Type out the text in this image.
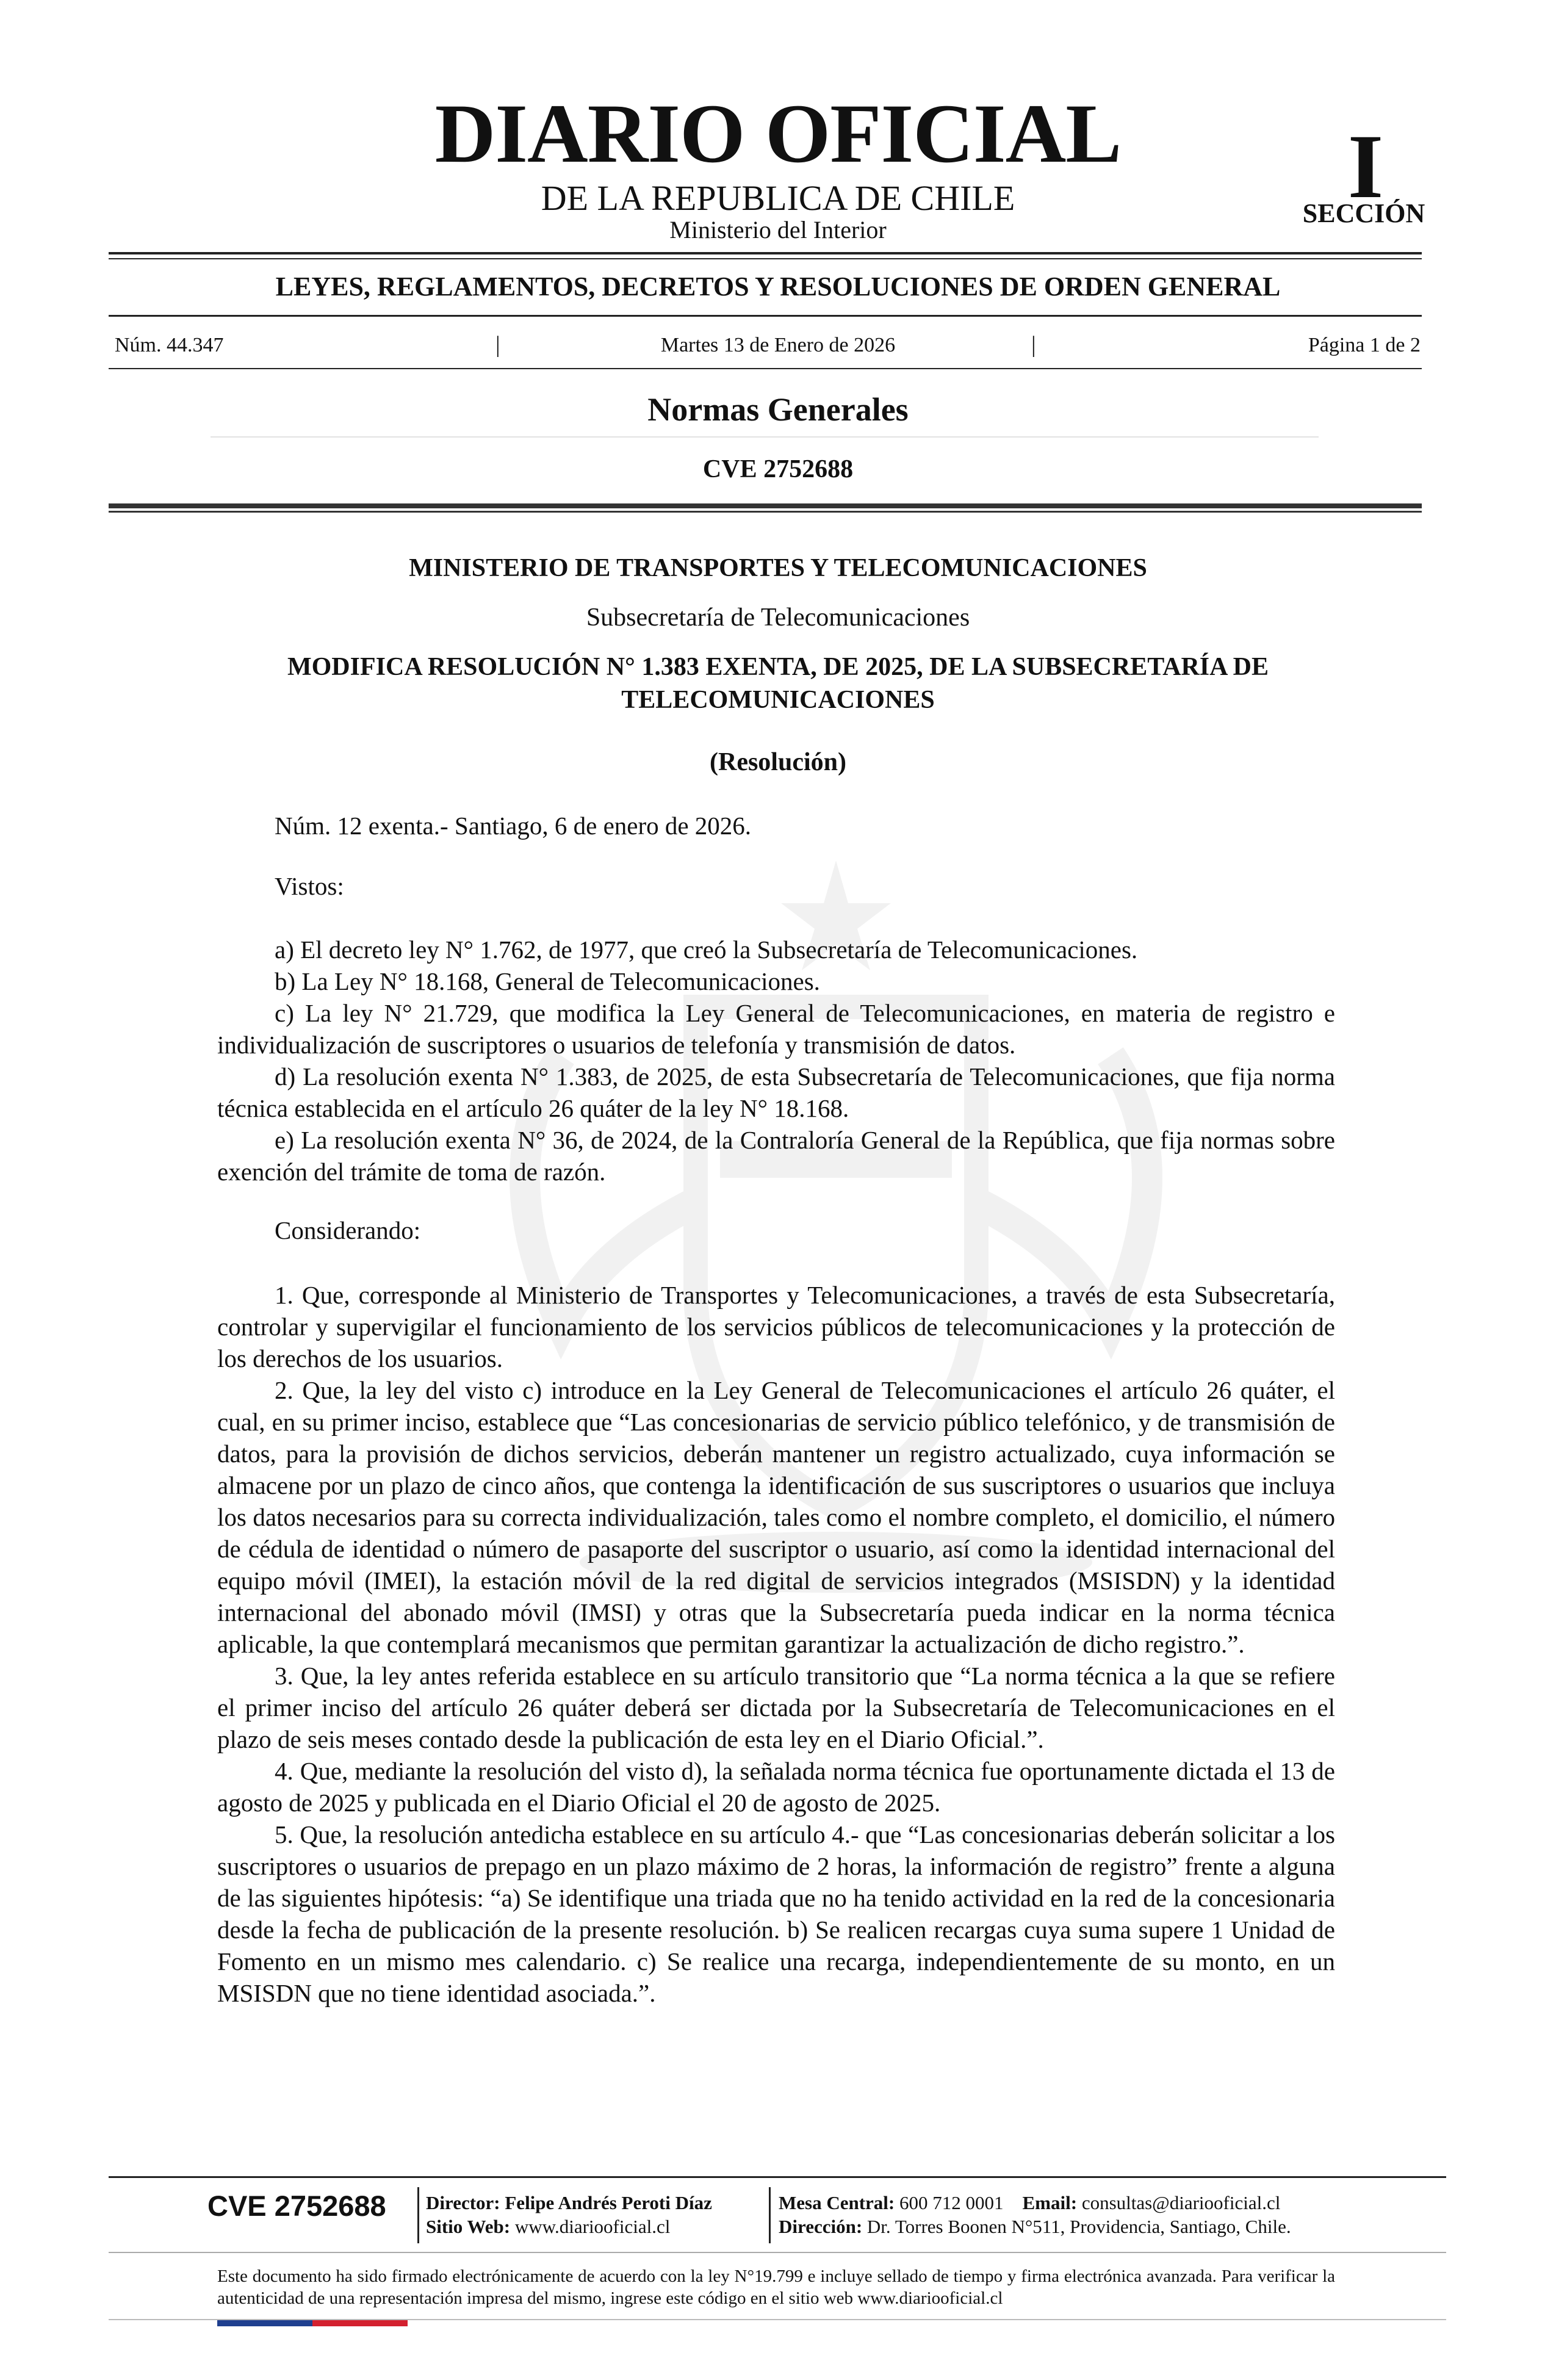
DIARIO OFICIAL
DE LA REPUBLICA DE CHILE
Ministerio del Interior
I
SECCIÓN
LEYES, REGLAMENTOS, DECRETOS Y RESOLUCIONES DE ORDEN GENERAL
Núm. 44.347	|	Martes 13 de Enero de 2026	|	Página 1 de 2
Normas Generales
CVE 2752688
MINISTERIO DE TRANSPORTES Y TELECOMUNICACIONES
Subsecretaría de Telecomunicaciones
MODIFICA RESOLUCIÓN N° 1.383 EXENTA, DE 2025, DE LA SUBSECRETARÍA DE
TELECOMUNICACIONES
(Resolución)
Núm. 12 exenta.- Santiago, 6 de enero de 2026.
Vistos:

a) El decreto ley N° 1.762, de 1977, que creó la Subsecretaría de Telecomunicaciones.

b) La Ley N° 18.168, General de Telecomunicaciones.

c) La ley N° 21.729, que modifica la Ley General de Telecomunicaciones, en materia de registro e individualización de suscriptores o usuarios de telefonía y transmisión de datos.

d) La resolución exenta N° 1.383, de 2025, de esta Subsecretaría de Telecomunicaciones, que fija norma técnica establecida en el artículo 26 quáter de la ley N° 18.168.

e) La resolución exenta N° 36, de 2024, de la Contraloría General de la República, que fija normas sobre exención del trámite de toma de razón.

Considerando:

1. Que, corresponde al Ministerio de Transportes y Telecomunicaciones, a través de esta Subsecretaría, controlar y supervigilar el funcionamiento de los servicios públicos de telecomunicaciones y la protección de los derechos de los usuarios.

2. Que, la ley del visto c) introduce en la Ley General de Telecomunicaciones el artículo 26 quáter, el cual, en su primer inciso, establece que “Las concesionarias de servicio público telefónico, y de transmisión de datos, para la provisión de dichos servicios, deberán mantener un registro actualizado, cuya información se almacene por un plazo de cinco años, que contenga la identificación de sus suscriptores o usuarios que incluya los datos necesarios para su correcta individualización, tales como el nombre completo, el domicilio, el número de cédula de identidad o número de pasaporte del suscriptor o usuario, así como la identidad internacional del equipo móvil (IMEI), la estación móvil de la red digital de servicios integrados (MSISDN) y la identidad internacional del abonado móvil (IMSI) y otras que la Subsecretaría pueda indicar en la norma técnica aplicable, la que contemplará mecanismos que permitan garantizar la actualización de dicho registro.”.

3. Que, la ley antes referida establece en su artículo transitorio que “La norma técnica a la que se refiere el primer inciso del artículo 26 quáter deberá ser dictada por la Subsecretaría de Telecomunicaciones en el plazo de seis meses contado desde la publicación de esta ley en el Diario Oficial.”.

4. Que, mediante la resolución del visto d), la señalada norma técnica fue oportunamente dictada el 13 de agosto de 2025 y publicada en el Diario Oficial el 20 de agosto de 2025.

5. Que, la resolución antedicha establece en su artículo 4.- que “Las concesionarias deberán solicitar a los suscriptores o usuarios de prepago en un plazo máximo de 2 horas, la información de registro” frente a alguna de las siguientes hipótesis: “a) Se identifique una triada que no ha tenido actividad en la red de la concesionaria desde la fecha de publicación de la presente resolución. b) Se realicen recargas cuya suma supere 1 Unidad de Fomento en un mismo mes calendario. c) Se realice una recarga, independientemente de su monto, en un MSISDN que no tiene identidad asociada.”.

CVE 2752688 Director: Felipe Andrés Peroti Díaz
Sitio Web: www.diariooficial.cl
Mesa Central: 600 712 0001 Email: consultas@diariooficial.cl
Dirección: Dr. Torres Boonen N°511, Providencia, Santiago, Chile.
Este documento ha sido firmado electrónicamente de acuerdo con la ley N°19.799 e incluye sellado de tiempo y firma electrónica avanzada. Para verificar la autenticidad de una representación impresa del mismo, ingrese este código en el sitio web www.diariooficial.cl
